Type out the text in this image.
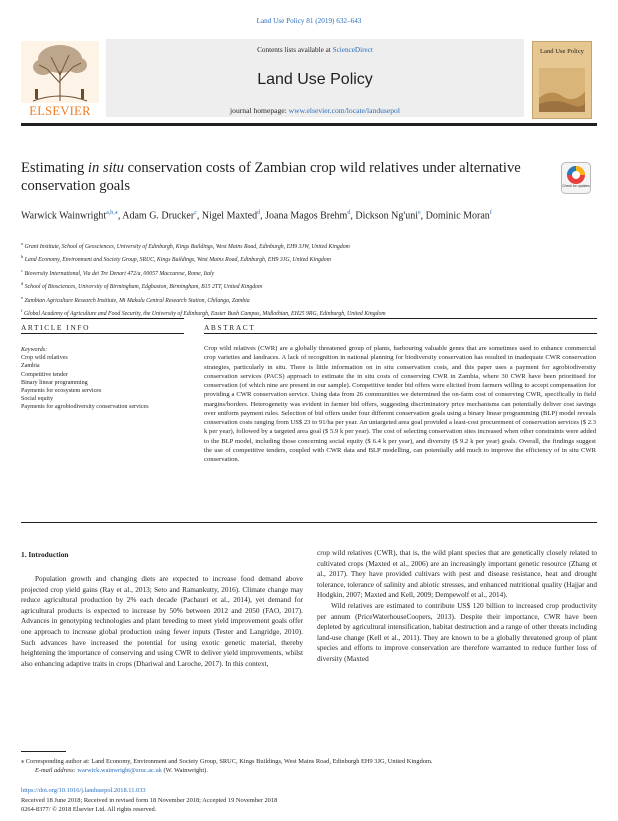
Land Use Policy 81 (2019) 632–643
Contents lists available at ScienceDirect
Land Use Policy
journal homepage: www.elsevier.com/locate/landusepol
ELSEVIER
Land Use Policy
Estimating in situ conservation costs of Zambian crop wild relatives under alternative conservation goals	Check for updates
Warwick Wainwright$^{a,b,⁎}$, Adam G. Drucker$^c$, Nigel Maxted$^d$, Joana Magos Brehm$^d$, Dickson Ng'uni$^e$, Dominic Moran$^f$
$^a$ Grant Institute, School of Geosciences, University of Edinburgh, Kings Buildings, West Mains Road, Edinburgh, EH9 3JW, United Kingdom
$^b$ Land Economy, Environment and Society Group, SRUC, Kings Buildings, West Mains Road, Edinburgh, EH9 3JG, United Kingdom
$^c$ Bioversity International, Via dei Tre Denari 472/a, 00057 Maccarese, Rome, Italy
$^d$ School of Biosciences, University of Birmingham, Edgbaston, Birmingham, B15 2TT, United Kingdom
$^e$ Zambian Agriculture Research Institute, Mt Makulu Central Research Station, Chilanga, Zambia
$^f$ Global Academy of Agriculture and Food Security, the University of Edinburgh, Easter Bush Campus, Midlothian, EH25 9RG, Edinburgh, United Kingdom
ARTICLE INFO	ABSTRACT
Keywords:
Crop wild relatives
Zambia
Competitive tender
Binary linear programming
Payments for ecosystem services
Social equity
Payments for agrobiodiversity conservation services
Crop wild relatives (CWR) are a globally threatened group of plants, harbouring valuable genes that are sometimes used to enhance commercial crop varieties and landraces. A lack of recognition in national planning for biodiversity conservation has resulted in inadequate CWR conservation strategies, particularly in situ. There is little information on in situ conservation costs, and this paper uses a payment for agrobiodiversity conservation services (PACS) approach to estimate the in situ costs of conserving CWR in Zambia, where 30 CWR have been prioritised for conservation (of which nine are present in our sample). Competitive tender bid offers were elicited from farmers willing to accept compensation for providing a CWR conservation service. Using data from 26 communities we determined the on-farm cost of conserving CWR, specifically in field margins/borders. Heterogeneity was evident in farmer bid offers, suggesting discriminatory price mechanisms can potentially deliver cost savings over uniform payment rules. Selection of bid offers under four different conservation goals using a binary linear programming (BLP) model reveals conservation costs ranging from US$ 23 to 91/ha per year. An untargeted area goal provided a least-cost procurement of conservation services ($ 2.3 k per year), followed by a targeted area goal ($ 5.9 k per year). The cost of selecting conservation sites increased when other constraints were added to the BLP model, including those concerning social equity ($ 6.4 k per year), and diversity ($ 9.2 k per year) goals. Overall, the findings suggest the use of competitive tenders, coupled with CWR data and BLP modelling, can potentially add much to improve the efficiency of in situ CWR conservation.
1. Introduction

Population growth and changing diets are expected to increase food demand above projected crop yield gains (Ray et al., 2013; Seto and Ramankutty, 2016). Climate change may reduce agricultural production by 2% each decade (Pachauri et al., 2014), yet demand for agricultural products is expected to increase by 50% between 2012 and 2050 (FAO, 2017). Advances in genotyping technologies and plant breeding to meet yield improvement goals offer one approach to increase global production using fewer inputs (Tester and Langridge, 2010). Such advances have increased the potential for using exotic genetic material, thereby heightening the importance of conserving and using CWR to deliver yield improvements, whilst also enhancing adaptive traits in crops (Dhariwal and Laroche, 2017). In this context,

crop wild relatives (CWR), that is, the wild plant species that are genetically closely related to cultivated crops (Maxted et al., 2006) are an increasingly important genetic resource (Zhang et al., 2017). They have provided cultivars with pest and disease resistance, heat and drought tolerance, tolerance of salinity and abiotic stresses, and enhanced nutritional quality (Hajjar and Hodgkin, 2007; Maxted and Kell, 2009; Dempewolf et al., 2014).

Wild relatives are estimated to contribute US$ 120 billion to increased crop productivity per annum (PriceWaterhouseCoopers, 2013). Despite their importance, CWR have been depleted by agricultural intensification, habitat destruction and a range of other threats including land-use change (Kell et al., 2011). They are known to be a globally threatened group of plant species and efforts to improve conservation are therefore warranted to reduce further loss of diversity (Maxted

⁎ Corresponding author at: Land Economy, Environment and Society Group, SRUC, Kings Buildings, West Mains Road, Edinburgh EH9 3JG, United Kingdom.
E-mail address: warwick.wainwright@sruc.ac.uk (W. Wainwright).
https://doi.org/10.1016/j.landusepol.2018.11.033
Received 18 June 2018; Received in revised form 18 November 2018; Accepted 19 November 2018
0264-8377/ © 2018 Elsevier Ltd. All rights reserved.
